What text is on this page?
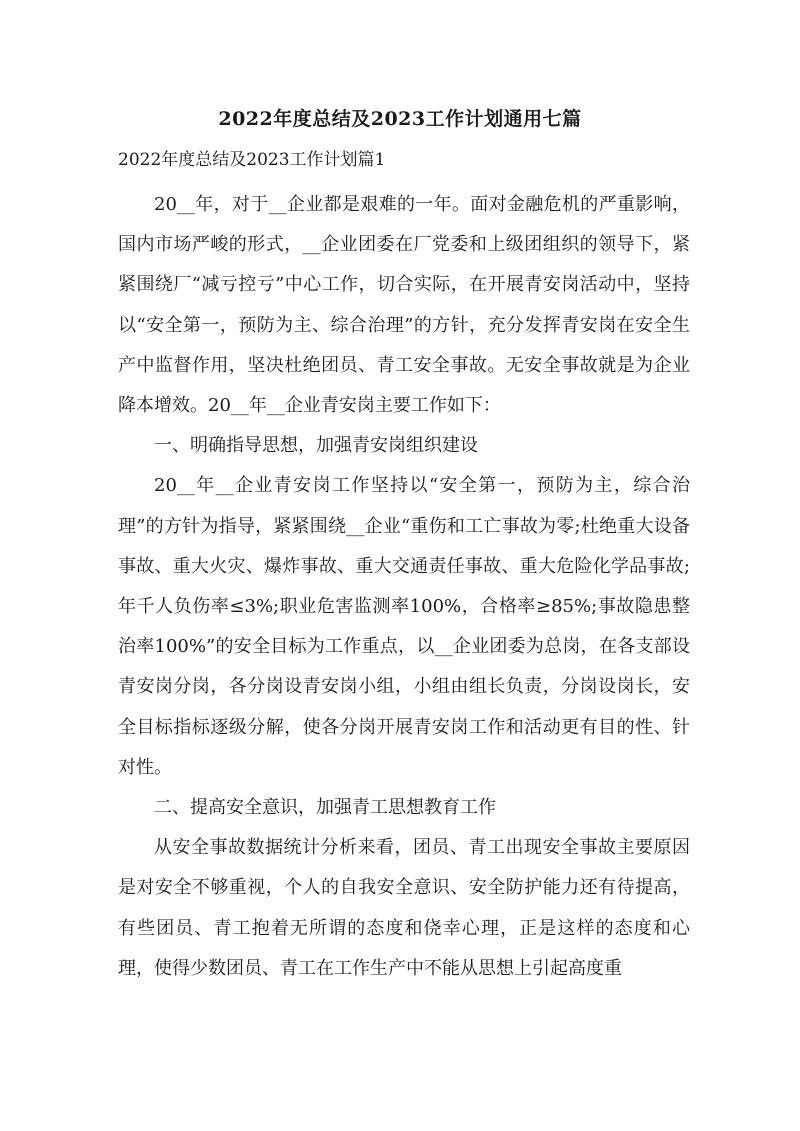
2022年度总结及2023工作计划通用七篇
2022年度总结及2023工作计划篇1

20__年，对于__企业都是艰难的一年。面对金融危机的严重影响，国内市场严峻的形式，__企业团委在厂党委和上级团组织的领导下，紧紧围绕厂“减亏控亏”中心工作，切合实际，在开展青安岗活动中，坚持以“安全第一，预防为主、综合治理”的方针，充分发挥青安岗在安全生产中监督作用，坚决杜绝团员、青工安全事故。无安全事故就是为企业降本增效。20__年__企业青安岗主要工作如下：

一、明确指导思想，加强青安岗组织建设

20__年__企业青安岗工作坚持以“安全第一，预防为主，综合治理”的方针为指导，紧紧围绕__企业“重伤和工亡事故为零;杜绝重大设备事故、重大火灾、爆炸事故、重大交通责任事故、重大危险化学品事故;年千人负伤率≤3%;职业危害监测率100%，合格率≥85%;事故隐患整治率100%”的安全目标为工作重点，以__企业团委为总岗，在各支部设青安岗分岗，各分岗设青安岗小组，小组由组长负责，分岗设岗长，安全目标指标逐级分解，使各分岗开展青安岗工作和活动更有目的性、针对性。

二、提高安全意识，加强青工思想教育工作

从安全事故数据统计分析来看，团员、青工出现安全事故主要原因是对安全不够重视，个人的自我安全意识、安全防护能力还有待提高，有些团员、青工抱着无所谓的态度和侥幸心理，正是这样的态度和心理，使得少数团员、青工在工作生产中不能从思想上引起高度重
